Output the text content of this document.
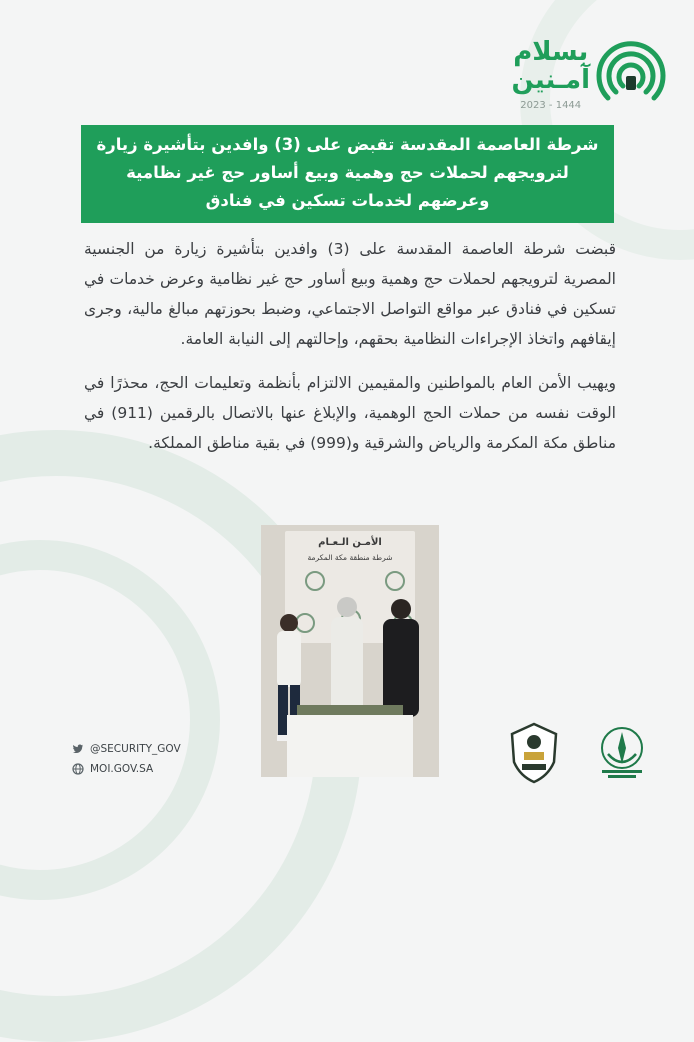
بسلام
آمـنين
2023 - 1444
شرطة العاصمة المقدسة تقبض على (3) وافدين بتأشيرة زيارة
لترويجهم لحملات حج وهمية وبيع أساور حج غير نظامية
وعرضهم لخدمات تسكين في فنادق

قبضت شرطة العاصمة المقدسة على (3) وافدين بتأشيرة زيارة من الجنسية المصرية لترويجهم لحملات حج وهمية وبيع أساور حج غير نظامية وعرض خدمات في تسكين في فنادق عبر مواقع التواصل الاجتماعي، وضبط بحوزتهم مبالغ مالية، وجرى إيقافهم واتخاذ الإجراءات النظامية بحقهم، وإحالتهم إلى النيابة العامة.

ويهيب الأمن العام بالمواطنين والمقيمين الالتزام بأنظمة وتعليمات الحج، محذرًا في الوقت نفسه من حملات الحج الوهمية، والإبلاغ عنها بالاتصال بالرقمين (911) في مناطق مكة المكرمة والرياض والشرقية و(999) في بقية مناطق المملكة.

الأمـن الـعـام
شرطة منطقة مكة المكرمة
@SECURITY_GOV
MOI.GOV.SA
